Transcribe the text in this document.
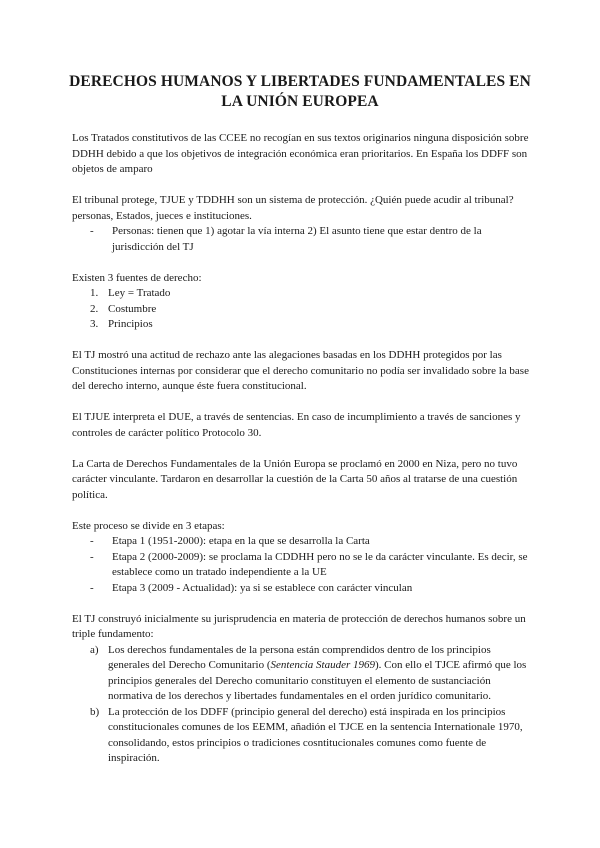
DERECHOS HUMANOS Y LIBERTADES FUNDAMENTALES EN
LA UNIÓN EUROPEA

Los Tratados constitutivos de las CCEE no recogían en sus textos originarios ninguna disposición sobre DDHH debido a que los objetivos de integración económica eran prioritarios. En España los DDFF son objetos de amparo

El tribunal protege, TJUE y TDDHH son un sistema de protección. ¿Quién puede acudir al tribunal? personas, Estados, jueces e instituciones.

- Personas: tienen que 1) agotar la vía interna 2) El asunto tiene que estar dentro de la jurisdicción del TJ

Existen 3 fuentes de derecho:

1. Ley = Tratado
2. Costumbre
3. Principios

El TJ mostró una actitud de rechazo ante las alegaciones basadas en los DDHH protegidos por las Constituciones internas por considerar que el derecho comunitario no podía ser invalidado sobre la base del derecho interno, aunque éste fuera constitucional.

El TJUE interpreta el DUE, a través de sentencias. En caso de incumplimiento a través de sanciones y controles de carácter político Protocolo 30.

La Carta de Derechos Fundamentales de la Unión Europa se proclamó en 2000 en Niza, pero no tuvo carácter vinculante. Tardaron en desarrollar la cuestión de la Carta 50 años al tratarse de una cuestión política.

Este proceso se divide en 3 etapas:

- Etapa 1 (1951-2000): etapa en la que se desarrolla la Carta
- Etapa 2 (2000-2009): se proclama la CDDHH pero no se le da carácter vinculante. Es decir, se establece como un tratado independiente a la UE
- Etapa 3 (2009 - Actualidad): ya si se establece con carácter vinculan

El TJ construyó inicialmente su jurisprudencia en materia de protección de derechos humanos sobre un triple fundamento:

a) Los derechos fundamentales de la persona están comprendidos dentro de los principios generales del Derecho Comunitario (Sentencia Stauder 1969). Con ello el TJCE afirmó que los principios generales del Derecho comunitario constituyen el elemento de sustanciación normativa de los derechos y libertades fundamentales en el orden jurídico comunitario.
b) La protección de los DDFF (principio general del derecho) está inspirada en los principios constitucionales comunes de los EEMM, añadión el TJCE en la sentencia Internationale 1970, consolidando, estos principios o tradiciones cosntitucionales comunes como fuente de inspiración.
